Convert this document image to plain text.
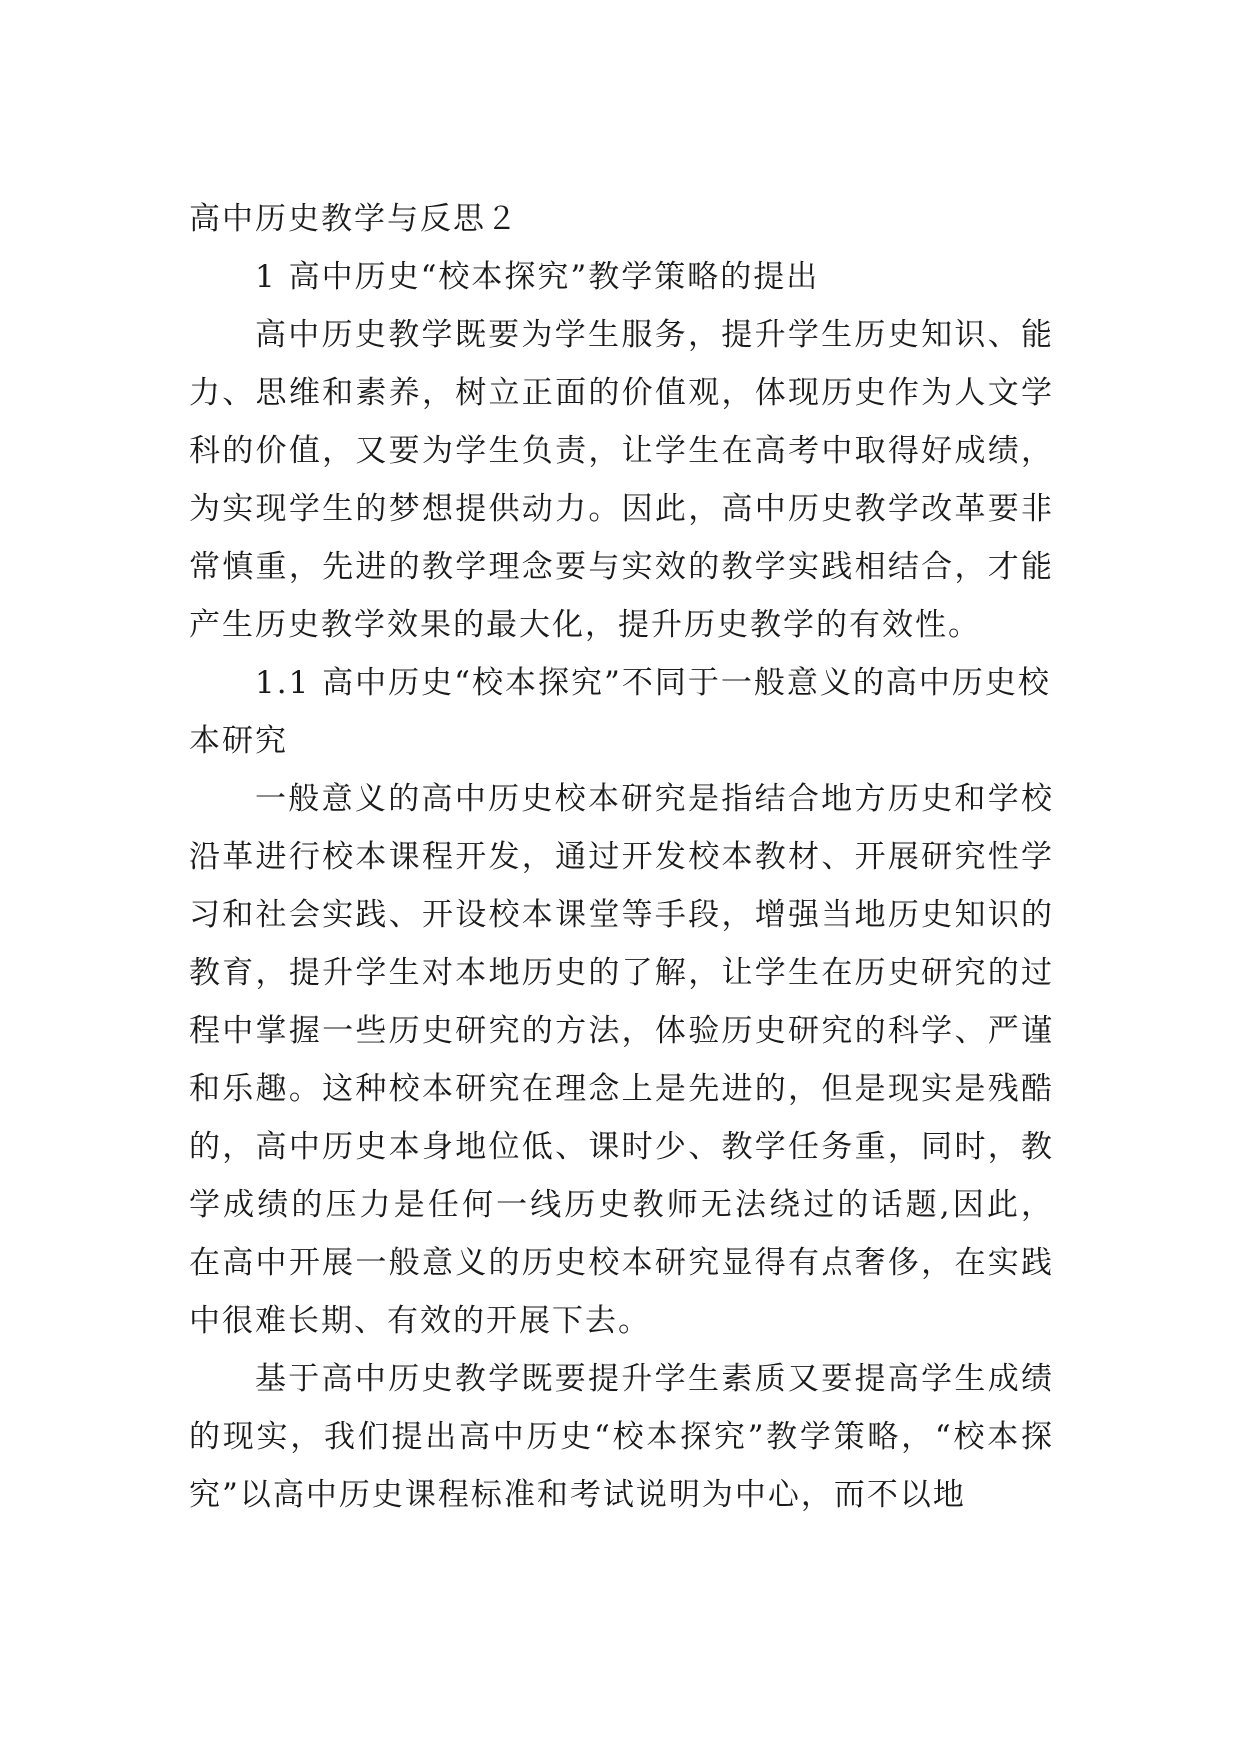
高中历史教学与反思２

1 高中历史“校本探究”教学策略的提出

高中历史教学既要为学生服务，提升学生历史知识、能力、思维和素养，树立正面的价值观，体现历史作为人文学科的价值，又要为学生负责，让学生在高考中取得好成绩，为实现学生的梦想提供动力。因此，高中历史教学改革要非常慎重，先进的教学理念要与实效的教学实践相结合，才能产生历史教学效果的最大化，提升历史教学的有效性。

1.1 高中历史“校本探究”不同于一般意义的高中历史校本研究

一般意义的高中历史校本研究是指结合地方历史和学校沿革进行校本课程开发，通过开发校本教材、开展研究性学习和社会实践、开设校本课堂等手段，增强当地历史知识的教育，提升学生对本地历史的了解，让学生在历史研究的过程中掌握一些历史研究的方法，体验历史研究的科学、严谨和乐趣。这种校本研究在理念上是先进的，但是现实是残酷的，高中历史本身地位低、课时少、教学任务重，同时，教学成绩的压力是任何一线历史教师无法绕过的话题,因此，在高中开展一般意义的历史校本研究显得有点奢侈，在实践中很难长期、有效的开展下去。

基于高中历史教学既要提升学生素质又要提高学生成绩的现实，我们提出高中历史“校本探究”教学策略，“校本探究”以高中历史课程标准和考试说明为中心，而不以地
